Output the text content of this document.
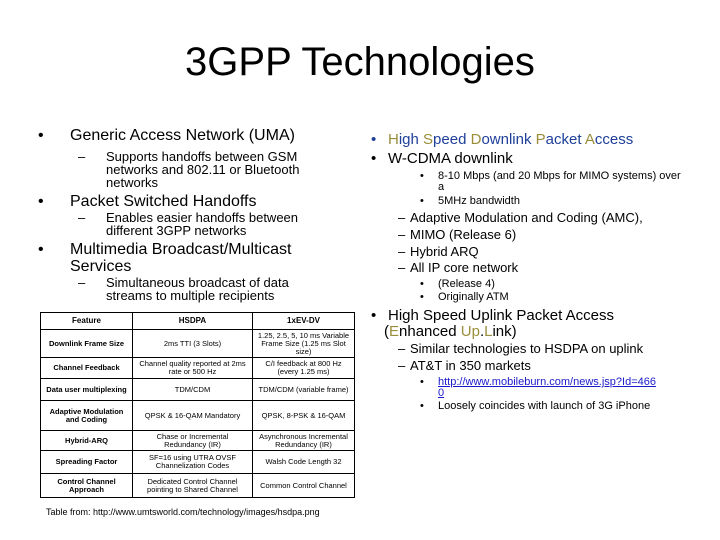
3GPP Technologies
• Generic Access Network (UMA)
– Supports handoffs between GSM networks and 802.11 or Bluetooth networks
• Packet Switched Handoffs
– Enables easier handoffs between different 3GPP networks
• Multimedia Broadcast/Multicast Services
– Simultaneous broadcast of data streams to multiple recipients
Feature	HSDPA	1xEV-DV
Downlink Frame Size	2ms TTI (3 Slots)	1.25, 2.5, 5, 10 ms Variable Frame Size (1.25 ms Slot size)
Channel Feedback	Channel quality reported at 2ms rate or 500 Hz	C/I feedback at 800 Hz (every 1.25 ms)
Data user multiplexing	TDM/CDM	TDM/CDM (variable frame)
Adaptive Modulation and Coding	QPSK & 16-QAM Mandatory	QPSK, 8-PSK & 16-QAM
Hybrid-ARQ	Chase or Incremental Redundancy (IR)	Asynchronous Incremental Redundancy (IR)
Spreading Factor	SF=16 using UTRA OVSF Channelization Codes	Walsh Code Length 32
Control Channel Approach	Dedicated Control Channel pointing to Shared Channel	Common Control Channel
Table from: http://www.umtsworld.com/technology/images/hsdpa.png
• High Speed Downlink Packet Access
• W-CDMA downlink
• 8-10 Mbps (and 20 Mbps for MIMO systems) over a
• 5MHz bandwidth
– Adaptive Modulation and Coding (AMC),
– MIMO (Release 6)
– Hybrid ARQ
– All IP core network
• (Release 4)
• Originally ATM
• High Speed Uplink Packet Access
(Enhanced Up.Link)
– Similar technologies to HSDPA on uplink
– AT&T in 350 markets
• http://www.mobileburn.com/news.jsp?Id=466
0
• Loosely coincides with launch of 3G iPhone
